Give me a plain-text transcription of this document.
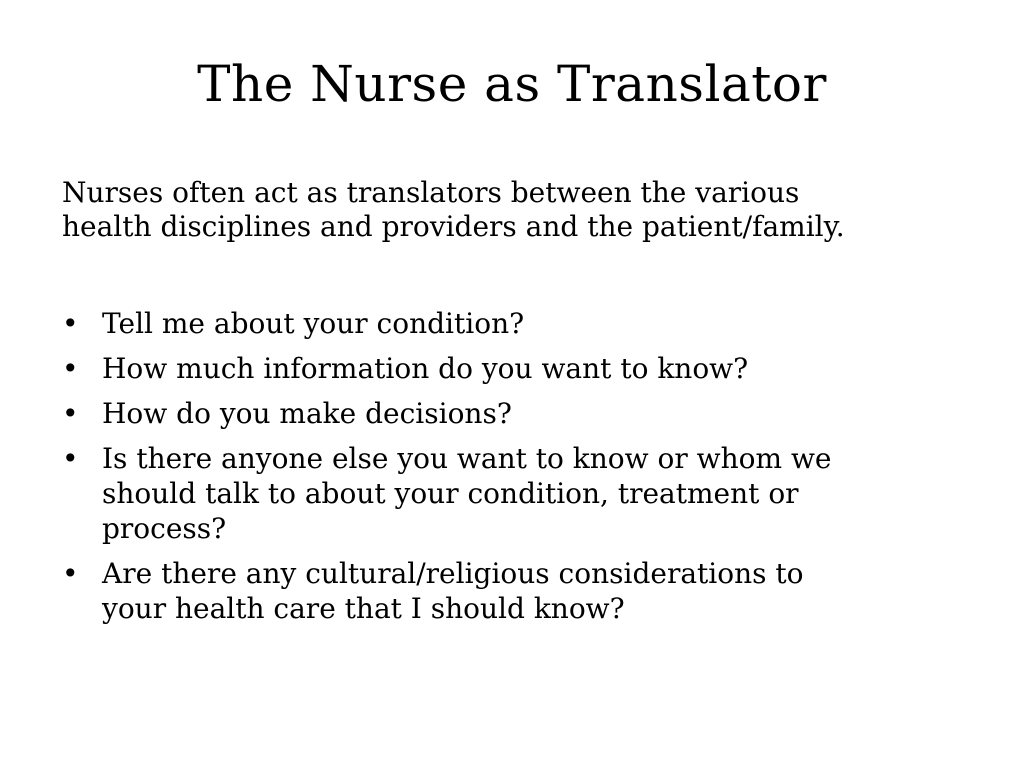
The Nurse as Translator

Nurses often act as translators between the various
health disciplines and providers and the patient/family.

• Tell me about your condition?
• How much information do you want to know?
• How do you make decisions?
• Is there anyone else you want to know or whom we
should talk to about your condition, treatment or
process?
• Are there any cultural/religious considerations to
your health care that I should know?
